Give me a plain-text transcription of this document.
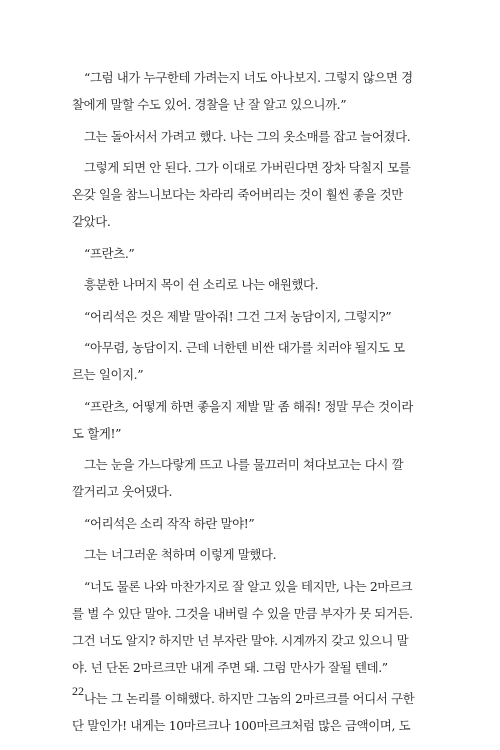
“그럼 내가 누구한테 가려는지 너도 아나보지. 그렇지 않으면 경
찰에게 말할 수도 있어. 경찰을 난 잘 알고 있으니까.”

그는 돌아서서 가려고 했다. 나는 그의 옷소매를 잡고 늘어졌다.

그렇게 되면 안 된다. 그가 이대로 가버린다면 장차 닥칠지 모를
온갖 일을 참느니보다는 차라리 죽어버리는 것이 훨씬 좋을 것만
같았다.

“프란츠.”

흥분한 나머지 목이 쉰 소리로 나는 애원했다.

“어리석은 것은 제발 말아줘! 그건 그저 농담이지, 그렇지?”

“아무렴, 농담이지. 근데 너한텐 비싼 대가를 치러야 될지도 모
르는 일이지.”

“프란츠, 어떻게 하면 좋을지 제발 말 좀 해줘! 정말 무슨 것이라
도 할게!”

그는 눈을 가느다랗게 뜨고 나를 물끄러미 쳐다보고는 다시 깔
깔거리고 웃어댔다.

“어리석은 소리 작작 하란 말야!”

그는 너그러운 척하며 이렇게 말했다.

“너도 물론 나와 마찬가지로 잘 알고 있을 테지만, 나는 2마르크
를 벌 수 있단 말야. 그것을 내버릴 수 있을 만큼 부자가 못 되거든.
그건 너도 알지? 하지만 넌 부자란 말야. 시계까지 갖고 있으니 말
야. 넌 단돈 2마르크만 내게 주면 돼. 그럼 만사가 잘될 텐데.”

나는 그 논리를 이해했다. 하지만 그놈의 2마르크를 어디서 구한
단 말인가! 내게는 10마르크나 100마르크처럼 많은 금액이며, 도

22
